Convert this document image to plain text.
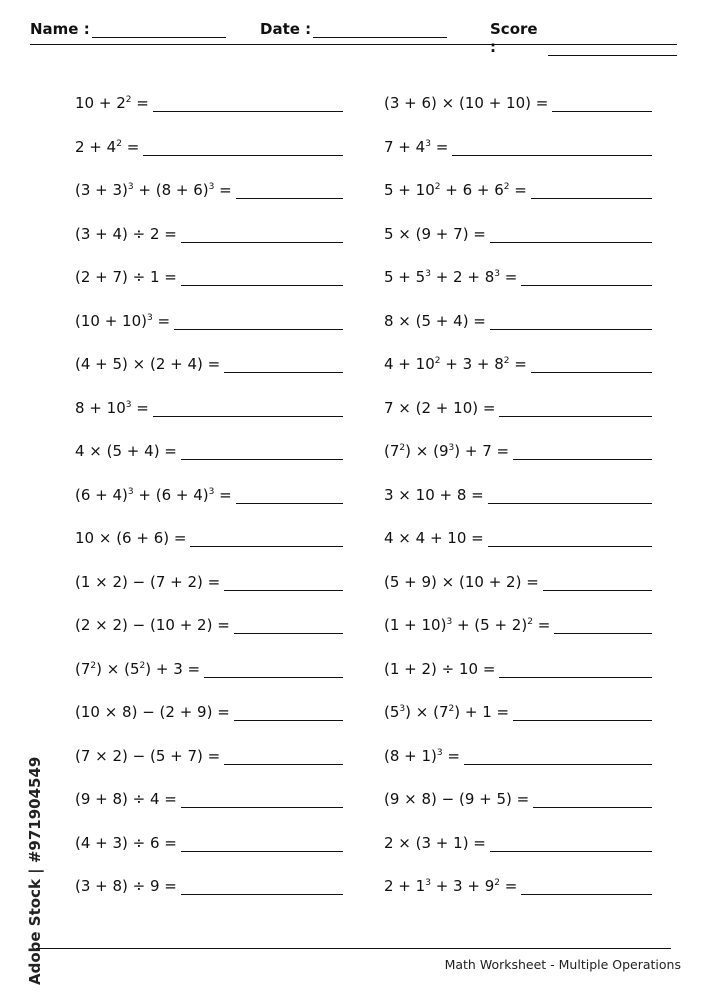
Name :	Date :	Score :
$10 + 2^2$ =
$2 + 4^2$ =
$(3 + 3)^3 + (8 + 6)^3$ =
(3 + 4) ÷ 2 =
(2 + 7) ÷ 1 =
$(10 + 10)^3$ =
(4 + 5) × (2 + 4) =
$8 + 10^3$ =
4 × (5 + 4) =
$(6 + 4)^3 + (6 + 4)^3$ =
10 × (6 + 6) =
(1 × 2) − (7 + 2) =
(2 × 2) − (10 + 2) =
$(7^2) \times (5^2) + 3$ =
(10 × 8) − (2 + 9) =
(7 × 2) − (5 + 7) =
(9 + 8) ÷ 4 =
(4 + 3) ÷ 6 =
(3 + 8) ÷ 9 =
(3 + 6) × (10 + 10) =
$7 + 4^3$ =
$5 + 10^2 + 6 + 6^2$ =
5 × (9 + 7) =
$5 + 5^3 + 2 + 8^3$ =
8 × (5 + 4) =
$4 + 10^2 + 3 + 8^2$ =
7 × (2 + 10) =
$(7^2) \times (9^3) + 7$ =
3 × 10 + 8 =
4 × 4 + 10 =
(5 + 9) × (10 + 2) =
$(1 + 10)^3 + (5 + 2)^2$ =
(1 + 2) ÷ 10 =
$(5^3) \times (7^2) + 1$ =
$(8 + 1)^3$ =
(9 × 8) − (9 + 5) =
2 × (3 + 1) =
$2 + 1^3 + 3 + 9^2$ =
Adobe Stock | #971904549	Math Worksheet - Multiple Operations
